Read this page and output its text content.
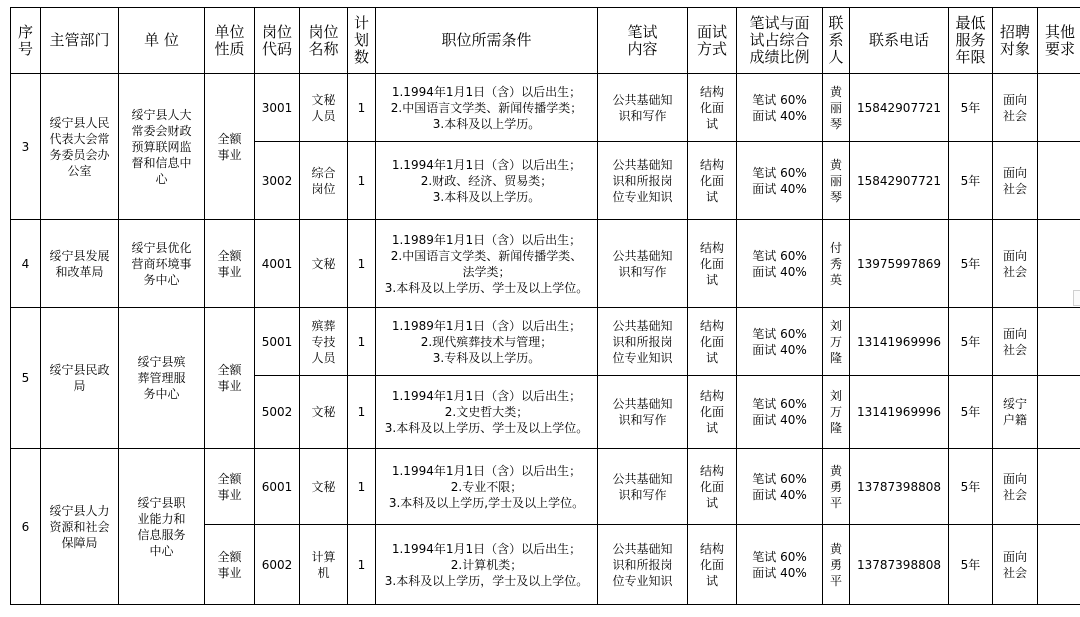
序
号	主管部门	单 位	单位
性质	岗位
代码	岗位
名称	计
划
数	职位所需条件	笔试
内容	面试
方式	笔试与面
试占综合
成绩比例	联
系
人	联系电话	最低
服务
年限	招聘
对象	其他
要求
3	绥宁县人民
代表大会常
务委员会办
公室	绥宁县人大
常委会财政
预算联网监
督和信息中
心	全额
事业	3001	文秘
人员	1	1.1994年1月1日（含）以后出生；
2.中国语言文学类、新闻传播学类；
3.本科及以上学历。	公共基础知
识和写作	结构
化面
试	笔试 60%
面试 40%	黄
丽
琴	15842907721	5年	面向
社会	
				3002	综合
岗位	1	1.1994年1月1日（含）以后出生；
2.财政、经济、贸易类；
3.本科及以上学历。	公共基础知
识和所报岗
位专业知识	结构
化面
试	笔试 60%
面试 40%	黄
丽
琴	15842907721	5年	面向
社会	
4	绥宁县发展
和改革局	绥宁县优化
营商环境事
务中心	全额
事业	4001	文秘	1	1.1989年1月1日（含）以后出生；
2.中国语言文学类、新闻传播学类、
法学类；
3.本科及以上学历、学士及以上学位。	公共基础知
识和写作	结构
化面
试	笔试 60%
面试 40%	付
秀
英	13975997869	5年	面向
社会	
5	绥宁县民政
局	绥宁县殡
葬管理服
务中心	全额
事业	5001	殡葬
专技
人员	1	1.1989年1月1日（含）以后出生；
2.现代殡葬技术与管理；
3.专科及以上学历。	公共基础知
识和所报岗
位专业知识	结构
化面
试	笔试 60%
面试 40%	刘
万
隆	13141969996	5年	面向
社会	
				5002	文秘	1	1.1994年1月1日（含）以后出生；
2.文史哲大类；
3.本科及以上学历、学士及以上学位。	公共基础知
识和写作	结构
化面
试	笔试 60%
面试 40%	刘
万
隆	13141969996	5年	绥宁
户籍	
6	绥宁县人力
资源和社会
保障局	绥宁县职
业能力和
信息服务
中心	全额
事业	6001	文秘	1	1.1994年1月1日（含）以后出生；
2.专业不限；
3.本科及以上学历,学士及以上学位。	公共基础知
识和写作	结构
化面
试	笔试 60%
面试 40%	黄
勇
平	13787398808	5年	面向
社会	
			全额
事业	6002	计算
机	1	1.1994年1月1日（含）以后出生；
2.计算机类；
3.本科及以上学历，学士及以上学位。	公共基础知
识和所报岗
位专业知识	结构
化面
试	笔试 60%
面试 40%	黄
勇
平	13787398808	5年	面向
社会	
